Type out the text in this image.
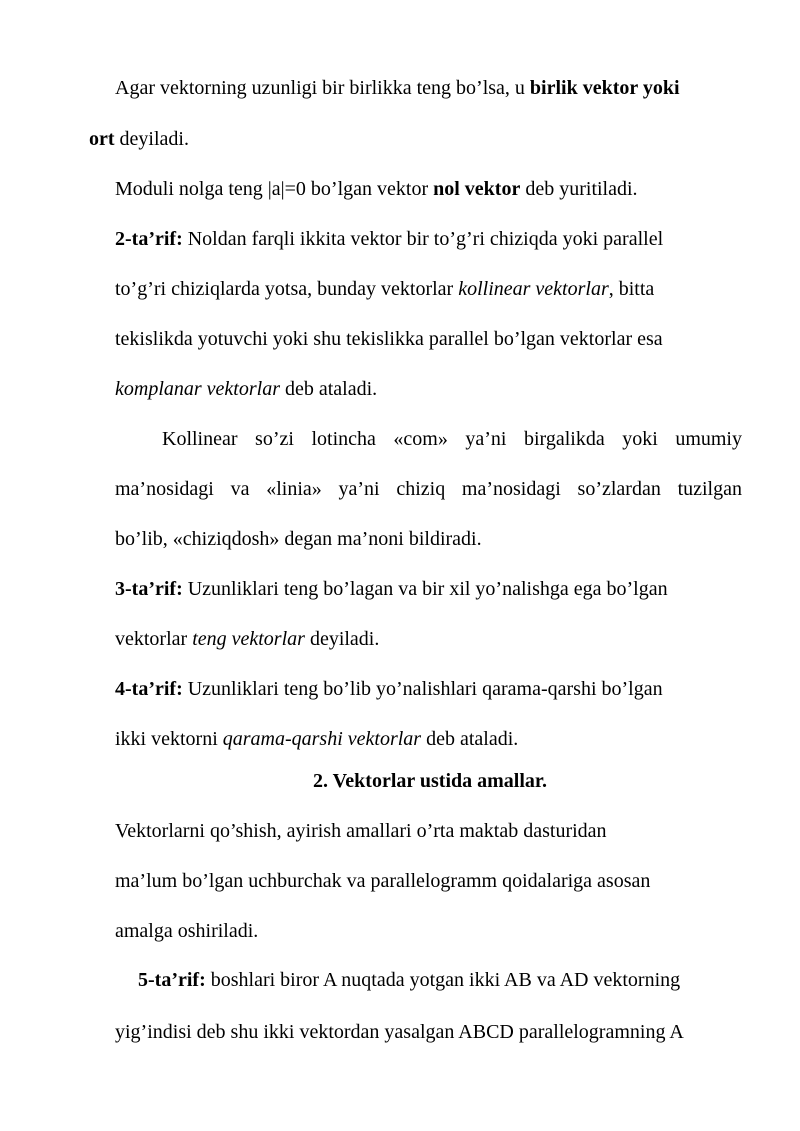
Agar vektorning uzunligi bir birlikka teng bo’lsa, u birlik vektor yoki
ort deyiladi.
Moduli nolga teng |a|=0 bo’lgan vektor nol vektor deb yuritiladi.
2-ta’rif: Noldan farqli ikkita vektor bir to’g’ri chiziqda yoki parallel
to’g’ri chiziqlarda yotsa, bunday vektorlar kollinear vektorlar, bitta
tekislikda yotuvchi yoki shu tekislikka parallel bo’lgan vektorlar esa
komplanar vektorlar deb ataladi.
Kollinear so’zi lotincha «com» ya’ni birgalikda yoki umumiy
ma’nosidagi va «linia» ya’ni chiziq ma’nosidagi so’zlardan tuzilgan
bo’lib, «chiziqdosh» degan ma’noni bildiradi.
3-ta’rif: Uzunliklari teng bo’lagan va bir xil yo’nalishga ega bo’lgan
vektorlar teng vektorlar deyiladi.
4-ta’rif: Uzunliklari teng bo’lib yo’nalishlari qarama-qarshi bo’lgan
ikki vektorni qarama-qarshi vektorlar deb ataladi.
2. Vektorlar ustida amallar.
Vektorlarni qo’shish, ayirish amallari o’rta maktab dasturidan
ma’lum bo’lgan uchburchak va parallelogramm qoidalariga asosan
amalga oshiriladi.
5-ta’rif: boshlari biror A nuqtada yotgan ikki AB va AD vektorning
yig’indisi deb shu ikki vektordan yasalgan ABCD parallelogramning A
